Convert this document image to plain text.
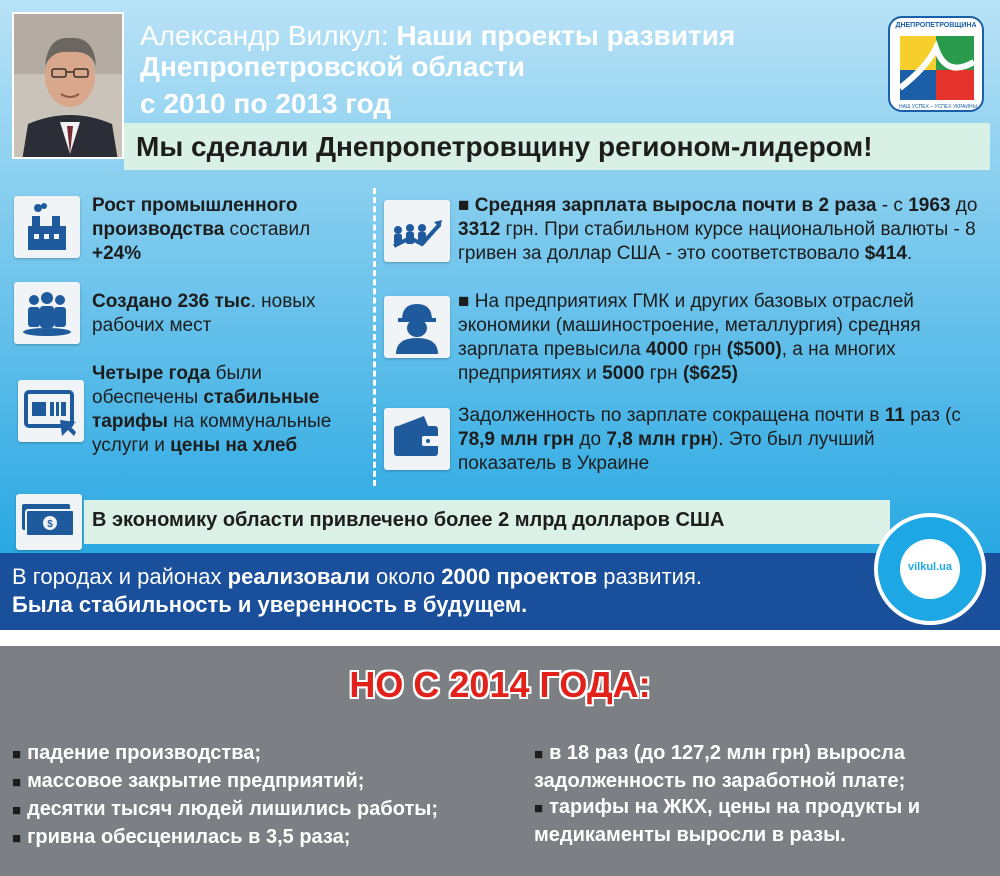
Александр Вилкул: Наши проекты развития Днепропетровской области
с 2010 по 2013 год	НАШ УСПЕХ – УСПЕХ УКРАИНЫ
ДНЕПРОПЕТРОВЩИНА
Мы сделали Днепропетровщину регионом-лидером!
Рост промышленного производства составил +24%
Создано 236 тыс. новых рабочих мест
Четыре года были обеспечены стабильные тарифы на коммунальные услуги и цены на хлеб
■ Средняя зарплата выросла почти в 2 раза - с 1963 до 3312 грн. При стабильном курсе национальной валюты - 8 гривен за доллар США - это соответствовало $414.
■ На предприятиях ГМК и других базовых отраслей экономики (машиностроение, металлургия) средняя зарплата превысила 4000 грн ($500), а на многих предприятиях и 5000 грн ($625)
Задолженность по зарплате сокращена почти в 11 раз (с 78,9 млн грн до 7,8 млн грн). Это был лучший показатель в Украине
$ В экономику области привлечено более 2 млрд долларов США
В городах и районах реализовали около 2000 проектов развития.
Была стабильность и уверенность в будущем.
vilkul.ua
НО С 2014 ГОДА:
■ падение производства;
■ массовое закрытие предприятий;
■ десятки тысяч людей лишились работы;
■ гривна обесценилась в 3,5 раза;
■ в 18 раз (до 127,2 млн грн) выросла задолженность по заработной плате;
■ тарифы на ЖКХ, цены на продукты и медикаменты выросли в разы.
